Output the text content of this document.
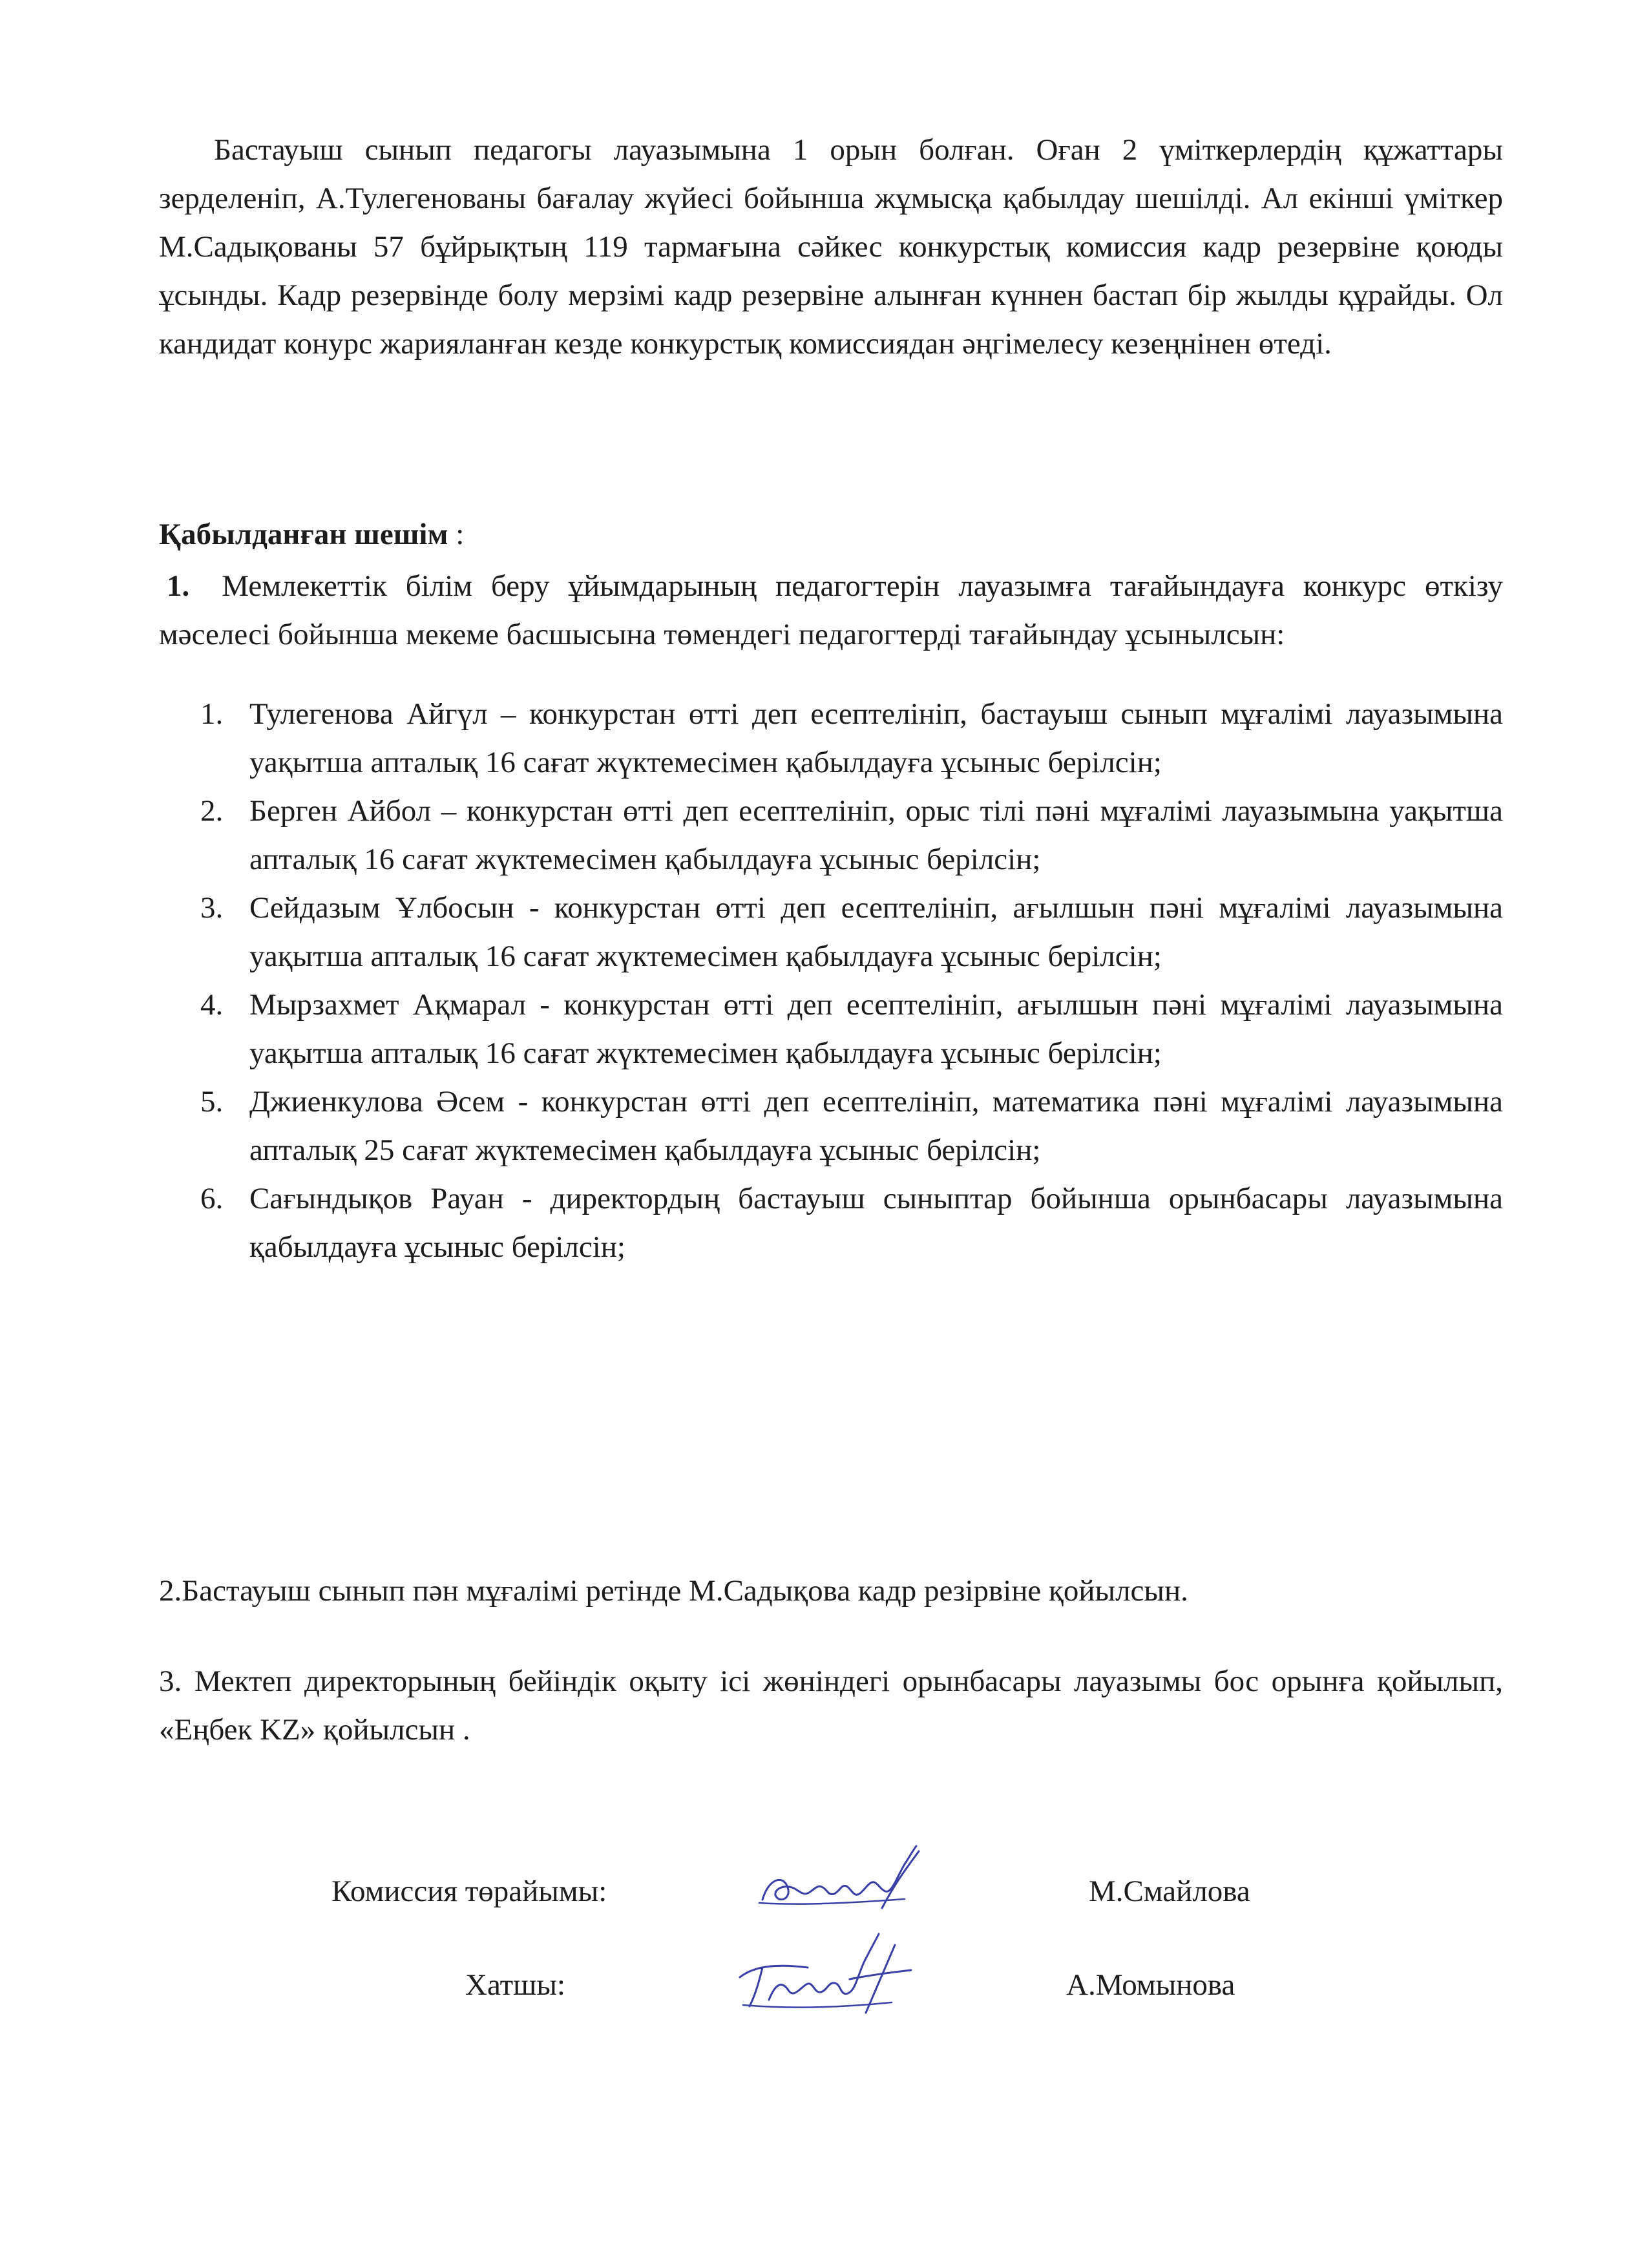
Бастауыш сынып педагогы лауазымына 1 орын болған. Оған 2 үміткерлердің құжаттары зерделеніп, А.Тулегенованы бағалау жүйесі бойынша жұмысқа қабылдау шешілді. Ал екінші үміткер М.Садықованы 57 бұйрықтың 119 тармағына сәйкес конкурстық комиссия кадр резервіне қоюды ұсынды. Кадр резервінде болу мерзімі кадр резервіне алынған күннен бастап бір жылды құрайды. Ол кандидат конурс жарияланған кезде конкурстық комиссиядан әңгімелесу кезеңнінен өтеді.

Қабылданған шешім :

1. Мемлекеттік білім беру ұйымдарының педагогтерін лауазымға тағайындауға конкурс өткізу мәселесі бойынша мекеме басшысына төмендегі педагогтерді тағайындау ұсынылсын:

1. Тулегенова Айгүл – конкурстан өтті деп есептелініп, бастауыш сынып мұғалімі лауазымына уақытша апталық 16 сағат жүктемесімен қабылдауға ұсыныс берілсін;
2. Берген Айбол – конкурстан өтті деп есептелініп, орыс тілі пәні мұғалімі лауазымына уақытша апталық 16 сағат жүктемесімен қабылдауға ұсыныс берілсін;
3. Сейдазым Ұлбосын - конкурстан өтті деп есептелініп, ағылшын пәні мұғалімі лауазымына уақытша апталық 16 сағат жүктемесімен қабылдауға ұсыныс берілсін;
4. Мырзахмет Ақмарал - конкурстан өтті деп есептелініп, ағылшын пәні мұғалімі лауазымына уақытша апталық 16 сағат жүктемесімен қабылдауға ұсыныс берілсін;
5. Джиенкулова Әсем - конкурстан өтті деп есептелініп, математика пәні мұғалімі лауазымына апталық 25 сағат жүктемесімен қабылдауға ұсыныс берілсін;
6. Сағындықов Рауан - директордың бастауыш сыныптар бойынша орынбасары лауазымына қабылдауға ұсыныс берілсін;

2.Бастауыш сынып пән мұғалімі ретінде М.Садықова кадр резірвіне қойылсын.

3. Мектеп директорының бейіндік оқыту ісі жөніндегі орынбасары лауазымы бос орынға қойылып, «Еңбек KZ» қойылсын .

Комиссия төрайымы:	М.Смайлова
Хатшы:	А.Момынова
